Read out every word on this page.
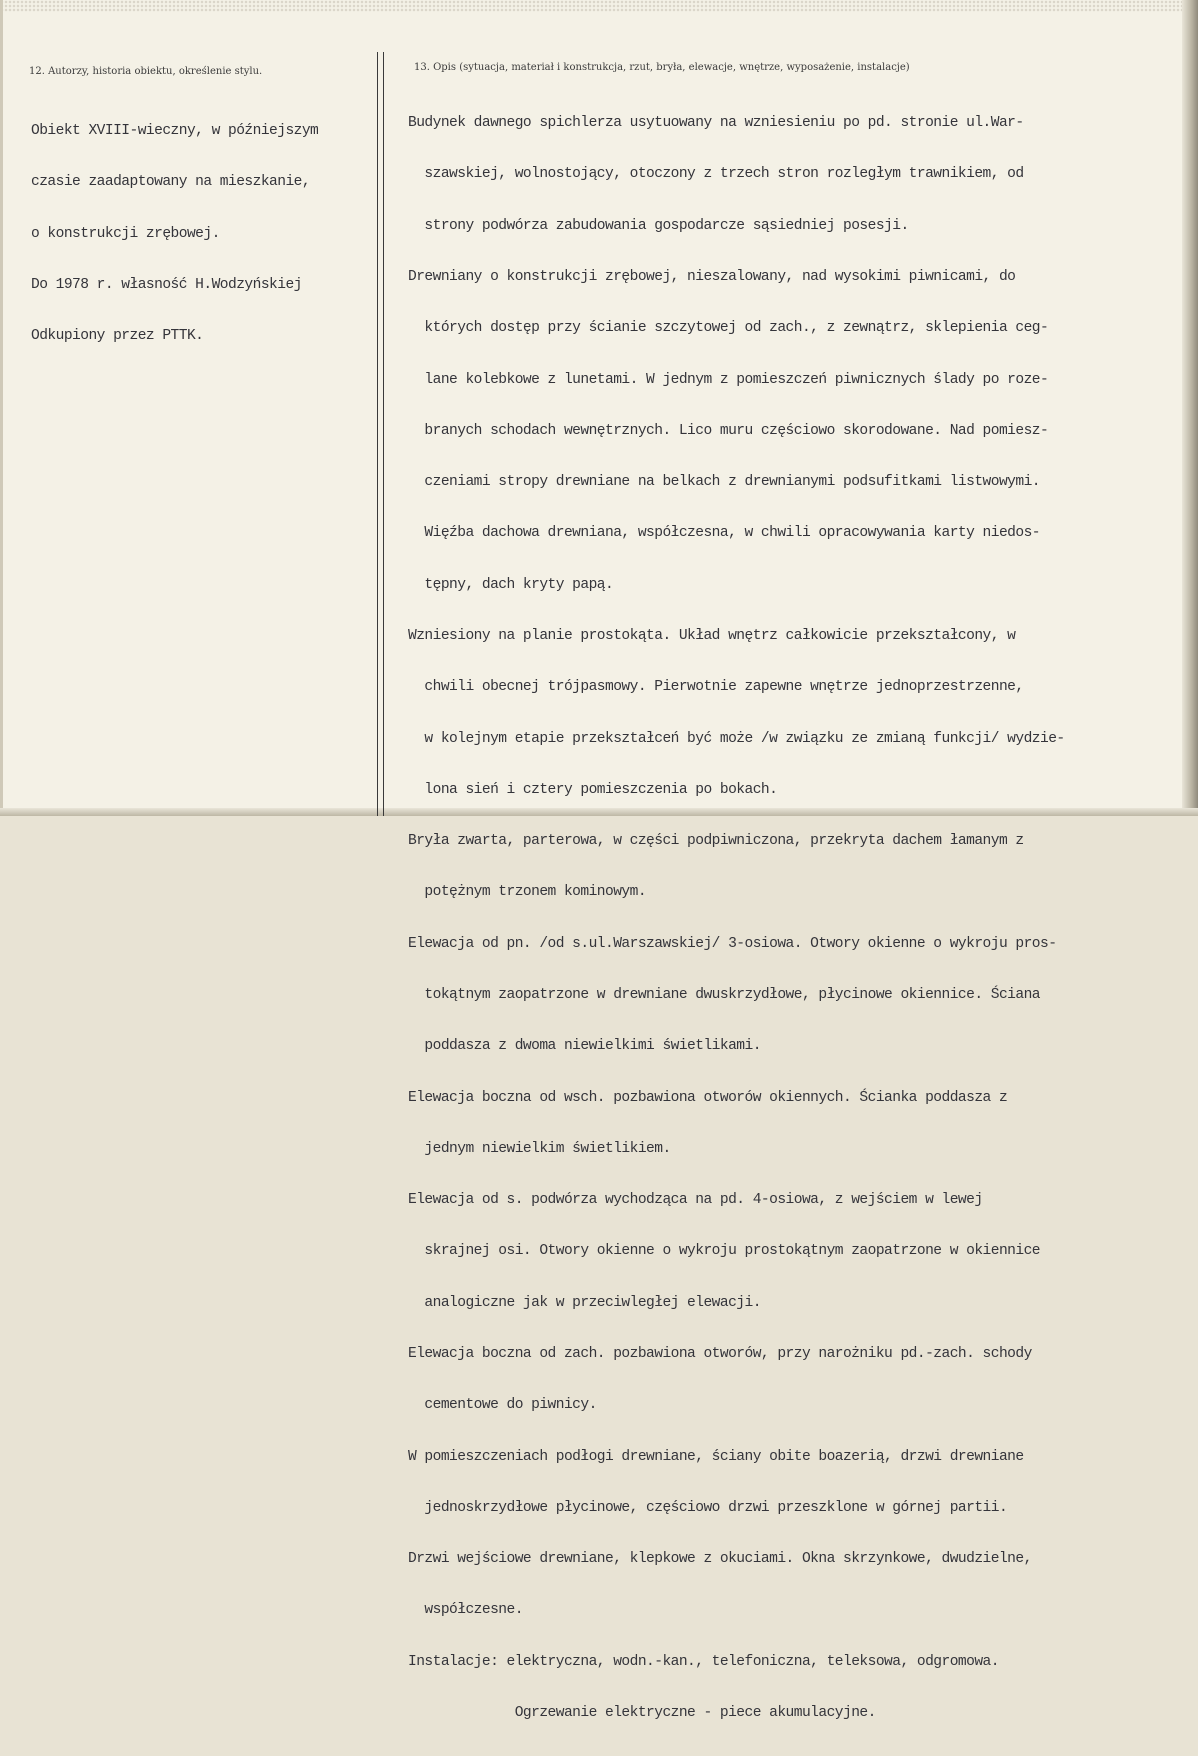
12. Autorzy, historia obiektu, określenie stylu.	13. Opis (sytuacja, materiał i konstrukcja, rzut, bryła, elewacje, wnętrze, wyposażenie, instalacje)

Obiekt XVIII-wieczny, w późniejszym

czasie zaadaptowany na mieszkanie,

o konstrukcji zrębowej.

Do 1978 r. własność H.Wodzyńskiej

Odkupiony przez PTTK.

Budynek dawnego spichlerza usytuowany na wzniesieniu po pd. stronie ul.War-

szawskiej, wolnostojący, otoczony z trzech stron rozległym trawnikiem, od

strony podwórza zabudowania gospodarcze sąsiedniej posesji.

Drewniany o konstrukcji zrębowej, nieszalowany, nad wysokimi piwnicami, do

których dostęp przy ścianie szczytowej od zach., z zewnątrz, sklepienia ceg-

lane kolebkowe z lunetami. W jednym z pomieszczeń piwnicznych ślady po roze-

branych schodach wewnętrznych. Lico muru częściowo skorodowane. Nad pomiesz-

czeniami stropy drewniane na belkach z drewnianymi podsufitkami listwowymi.

Więźba dachowa drewniana, współczesna, w chwili opracowywania karty niedos-

tępny, dach kryty papą.

Wzniesiony na planie prostokąta. Układ wnętrz całkowicie przekształcony, w

chwili obecnej trójpasmowy. Pierwotnie zapewne wnętrze jednoprzestrzenne,

w kolejnym etapie przekształceń być może /w związku ze zmianą funkcji/ wydzie-

lona sień i cztery pomieszczenia po bokach.

Bryła zwarta, parterowa, w części podpiwniczona, przekryta dachem łamanym z

potężnym trzonem kominowym.

Elewacja od pn. /od s.ul.Warszawskiej/ 3-osiowa. Otwory okienne o wykroju pros-

tokątnym zaopatrzone w drewniane dwuskrzydłowe, płycinowe okiennice. Ściana

poddasza z dwoma niewielkimi świetlikami.

Elewacja boczna od wsch. pozbawiona otworów okiennych. Ścianka poddasza z

jednym niewielkim świetlikiem.

Elewacja od s. podwórza wychodząca na pd. 4-osiowa, z wejściem w lewej

skrajnej osi. Otwory okienne o wykroju prostokątnym zaopatrzone w okiennice

analogiczne jak w przeciwległej elewacji.

Elewacja boczna od zach. pozbawiona otworów, przy narożniku pd.-zach. schody

cementowe do piwnicy.

W pomieszczeniach podłogi drewniane, ściany obite boazerią, drzwi drewniane

jednoskrzydłowe płycinowe, częściowo drzwi przeszklone w górnej partii.

Drzwi wejściowe drewniane, klepkowe z okuciami. Okna skrzynkowe, dwudzielne,

współczesne.

Instalacje: elektryczna, wodn.-kan., telefoniczna, teleksowa, odgromowa.

Ogrzewanie elektryczne - piece akumulacyjne.
